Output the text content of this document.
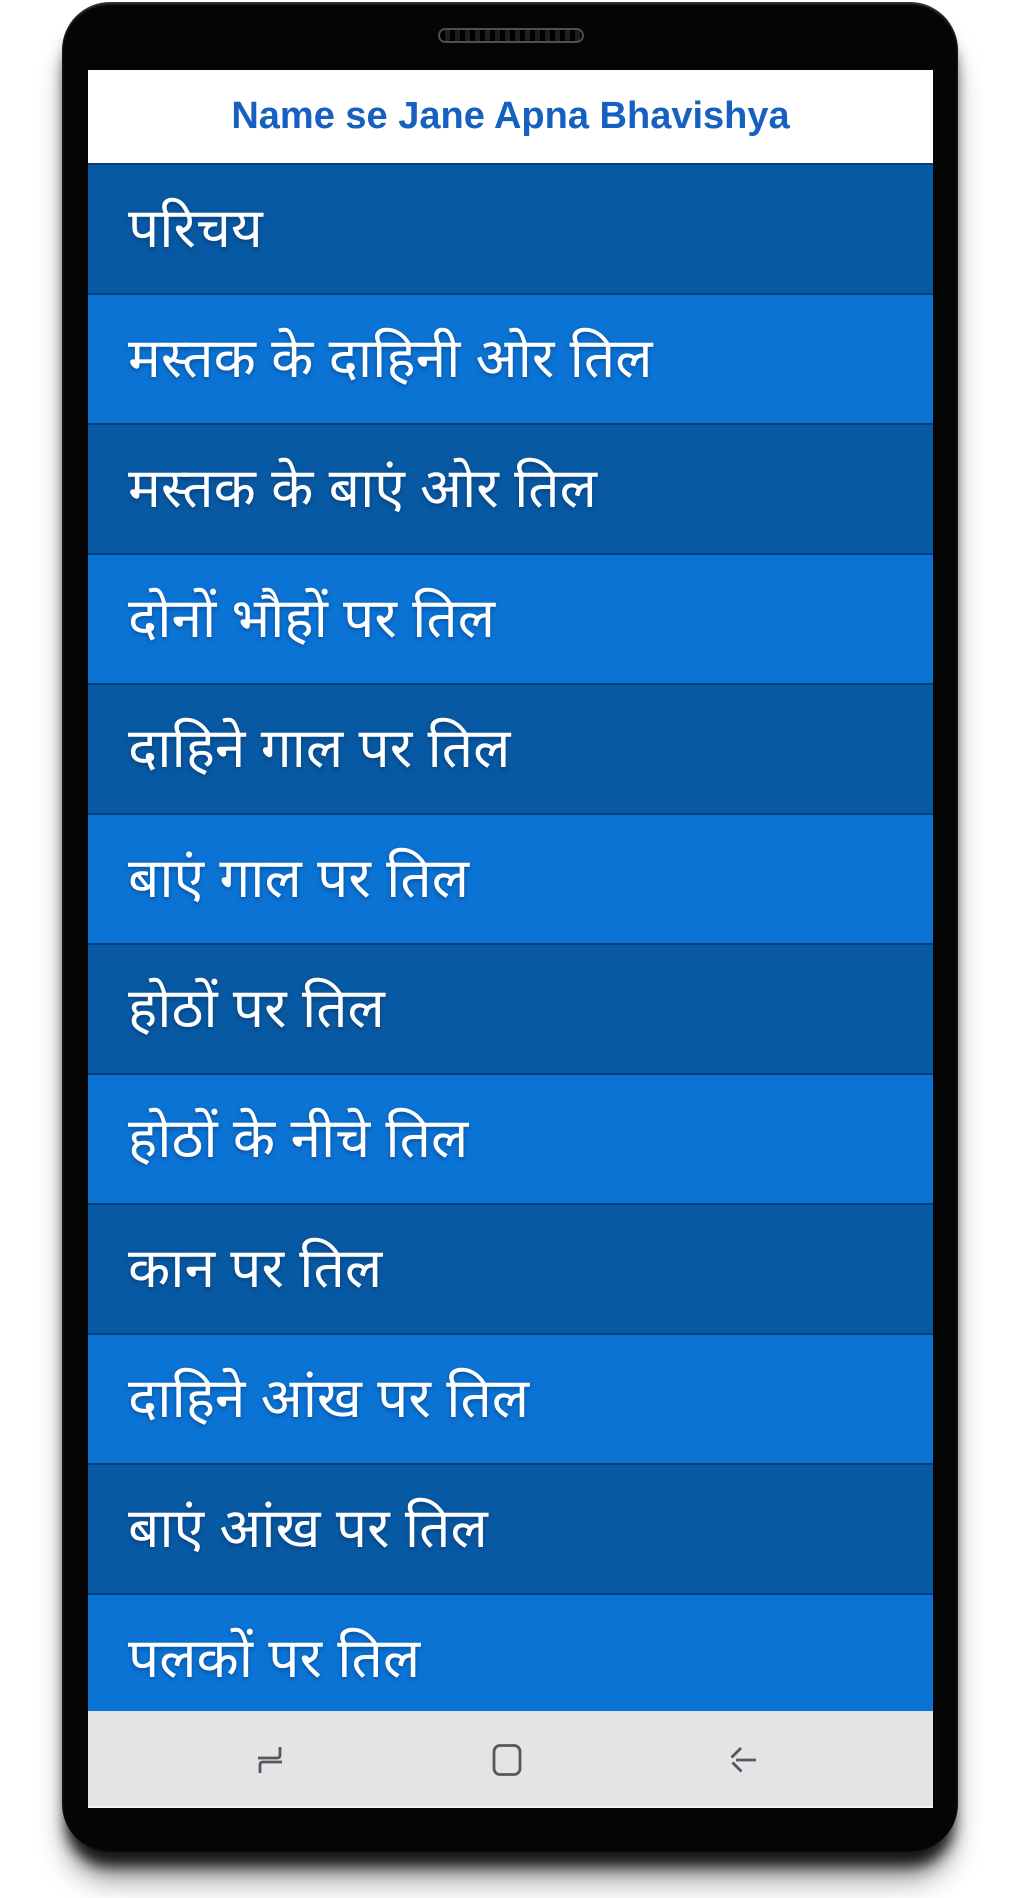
Name se Jane Apna Bhavishya
परिचय
मस्तक के दाहिनी ओर तिल
मस्तक के बाएं ओर तिल
दोनों भौहों पर तिल
दाहिने गाल पर तिल
बाएं गाल पर तिल
होठों पर तिल
होठों के नीचे तिल
कान पर तिल
दाहिने आंख पर तिल
बाएं आंख पर तिल
पलकों पर तिल
